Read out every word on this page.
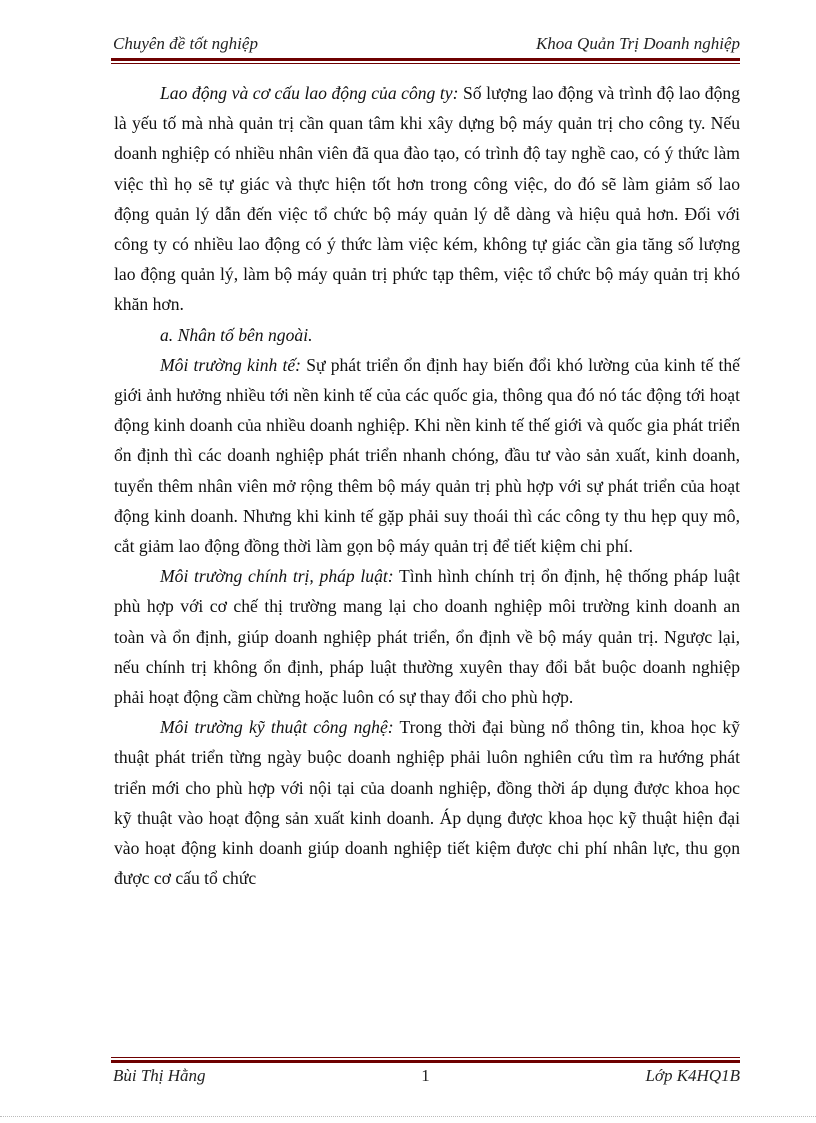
Chuyên đề tốt nghiệp	Khoa Quản Trị Doanh nghiệp

Lao động và cơ cấu lao động của công ty: Số lượng lao động và trình độ lao động là yếu tố mà nhà quản trị cần quan tâm khi xây dựng bộ máy quản trị cho công ty. Nếu doanh nghiệp có nhiều nhân viên đã qua đào tạo, có trình độ tay nghề cao, có ý thức làm việc thì họ sẽ tự giác và thực hiện tốt hơn trong công việc, do đó sẽ làm giảm số lao động quản lý dẫn đến việc tổ chức bộ máy quản lý dễ dàng và hiệu quả hơn. Đối với công ty có nhiều lao động có ý thức làm việc kém, không tự giác cần gia tăng số lượng lao động quản lý, làm bộ máy quản trị phức tạp thêm, việc tổ chức bộ máy quản trị khó khăn hơn.

a. Nhân tố bên ngoài.

Môi trường kinh tế: Sự phát triển ổn định hay biến đổi khó lường của kinh tế thế giới ảnh hưởng nhiều tới nền kinh tế của các quốc gia, thông qua đó nó tác động tới hoạt động kinh doanh của nhiều doanh nghiệp. Khi nền kinh tế thế giới và quốc gia phát triển ổn định thì các doanh nghiệp phát triển nhanh chóng, đầu tư vào sản xuất, kinh doanh, tuyển thêm nhân viên mở rộng thêm bộ máy quản trị phù hợp với sự phát triển của hoạt động kinh doanh. Nhưng khi kinh tế gặp phải suy thoái thì các công ty thu hẹp quy mô, cắt giảm lao động đồng thời làm gọn bộ máy quản trị để tiết kiệm chi phí.

Môi trường chính trị, pháp luật: Tình hình chính trị ổn định, hệ thống pháp luật phù hợp với cơ chế thị trường mang lại cho doanh nghiệp môi trường kinh doanh an toàn và ổn định, giúp doanh nghiệp phát triển, ổn định về bộ máy quản trị. Ngược lại, nếu chính trị không ổn định, pháp luật thường xuyên thay đổi bắt buộc doanh nghiệp phải hoạt động cầm chừng hoặc luôn có sự thay đổi cho phù hợp.

Môi trường kỹ thuật công nghệ: Trong thời đại bùng nổ thông tin, khoa học kỹ thuật phát triển từng ngày buộc doanh nghiệp phải luôn nghiên cứu tìm ra hướng phát triển mới cho phù hợp với nội tại của doanh nghiệp, đồng thời áp dụng được khoa học kỹ thuật vào hoạt động sản xuất kinh doanh. Áp dụng được khoa học kỹ thuật hiện đại vào hoạt động kinh doanh giúp doanh nghiệp tiết kiệm được chi phí nhân lực, thu gọn được cơ cấu tổ chức

Bùi Thị Hằng	1	Lớp K4HQ1B
